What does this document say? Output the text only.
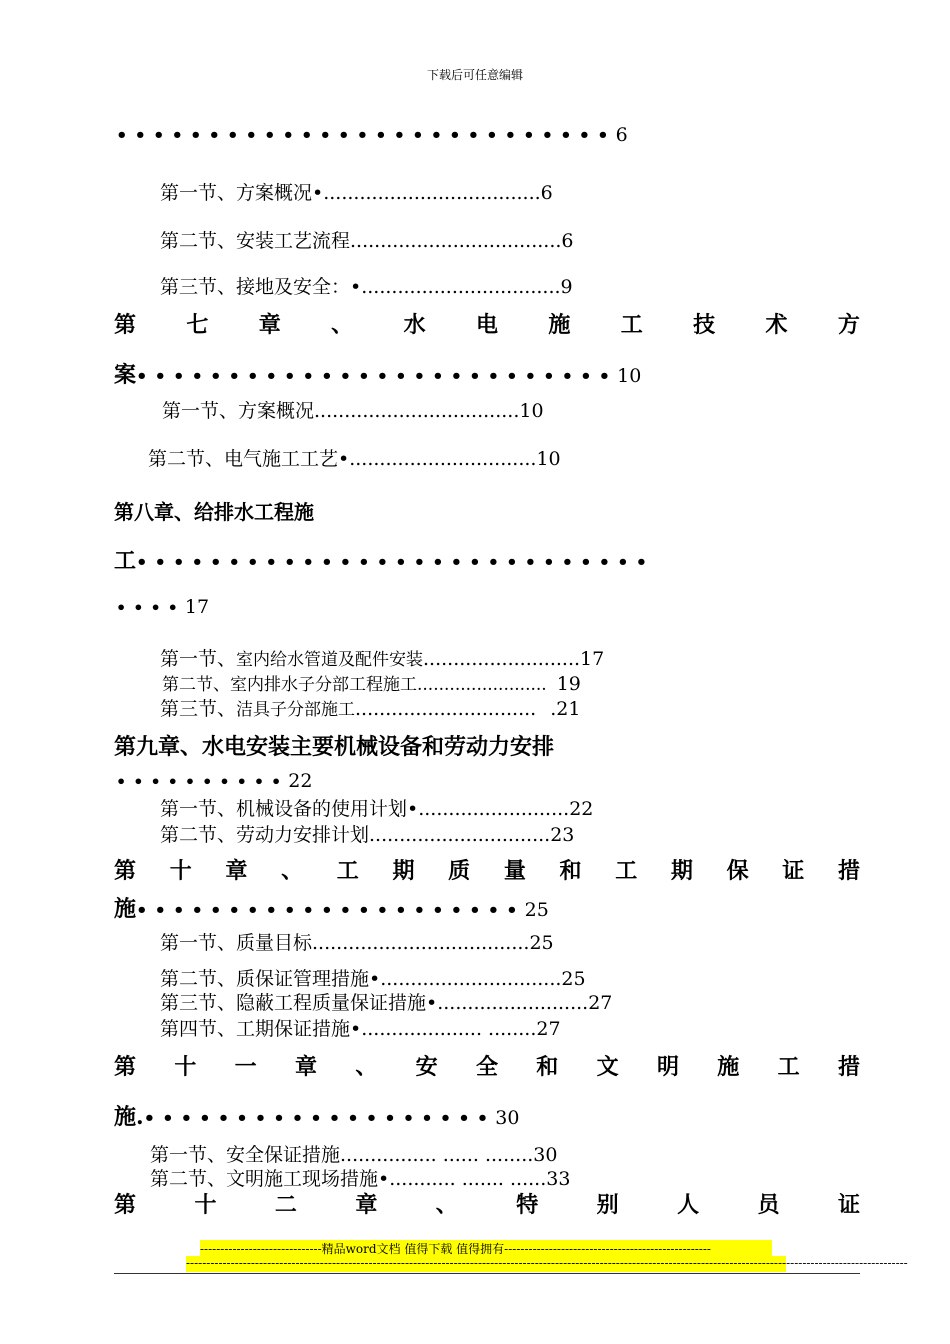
下载后可任意编辑
•••••••••••••••••••••••••••6
第一节、方案概况•....................................6
第二节、安装工艺流程...................................6
第三节、接地及安全：•.................................9
第 七 章 、 水 电 施 工 技 术 方
案••••••••••••••••••••••••••10
第一节、方案概况..................................10
第二节、电气施工工艺•...............................10
第八章、给排水工程施
工••••••••••••••••••••••••••••
••••17
第一节、室内给水管道及配件安装..........................17
第二节、室内排水子分部工程施工........................ 19
第三节、洁具子分部施工.............................. .21
第九章、水电安装主要机械设备和劳动力安排
••••••••••22
第一节、机械设备的使用计划•.........................22
第二节、劳动力安排计划..............................23
第 十 章 、 工 期 质 量 和 工 期 保 证 措
施•••••••••••••••••••••25
第一节、质量目标....................................25
第二节、质保证管理措施•..............................25
第三节、隐蔽工程质量保证措施•.........................27
第四节、工期保证措施•.................... ........27
第 十 一 章 、 安 全 和 文 明 施 工 措
施.•••••••••••••••••••30
第一节、安全保证措施................ ...... ........30
第二节、文明施工现场措施•........... ....... ......33
第	十	二	章	、	特	别	人	员	证
------------------------------精品word文档 值得下载 值得拥有---------------------------------------------------
----------------------------------------------------------------------------------------------------------------------------------------------------------------------------------
